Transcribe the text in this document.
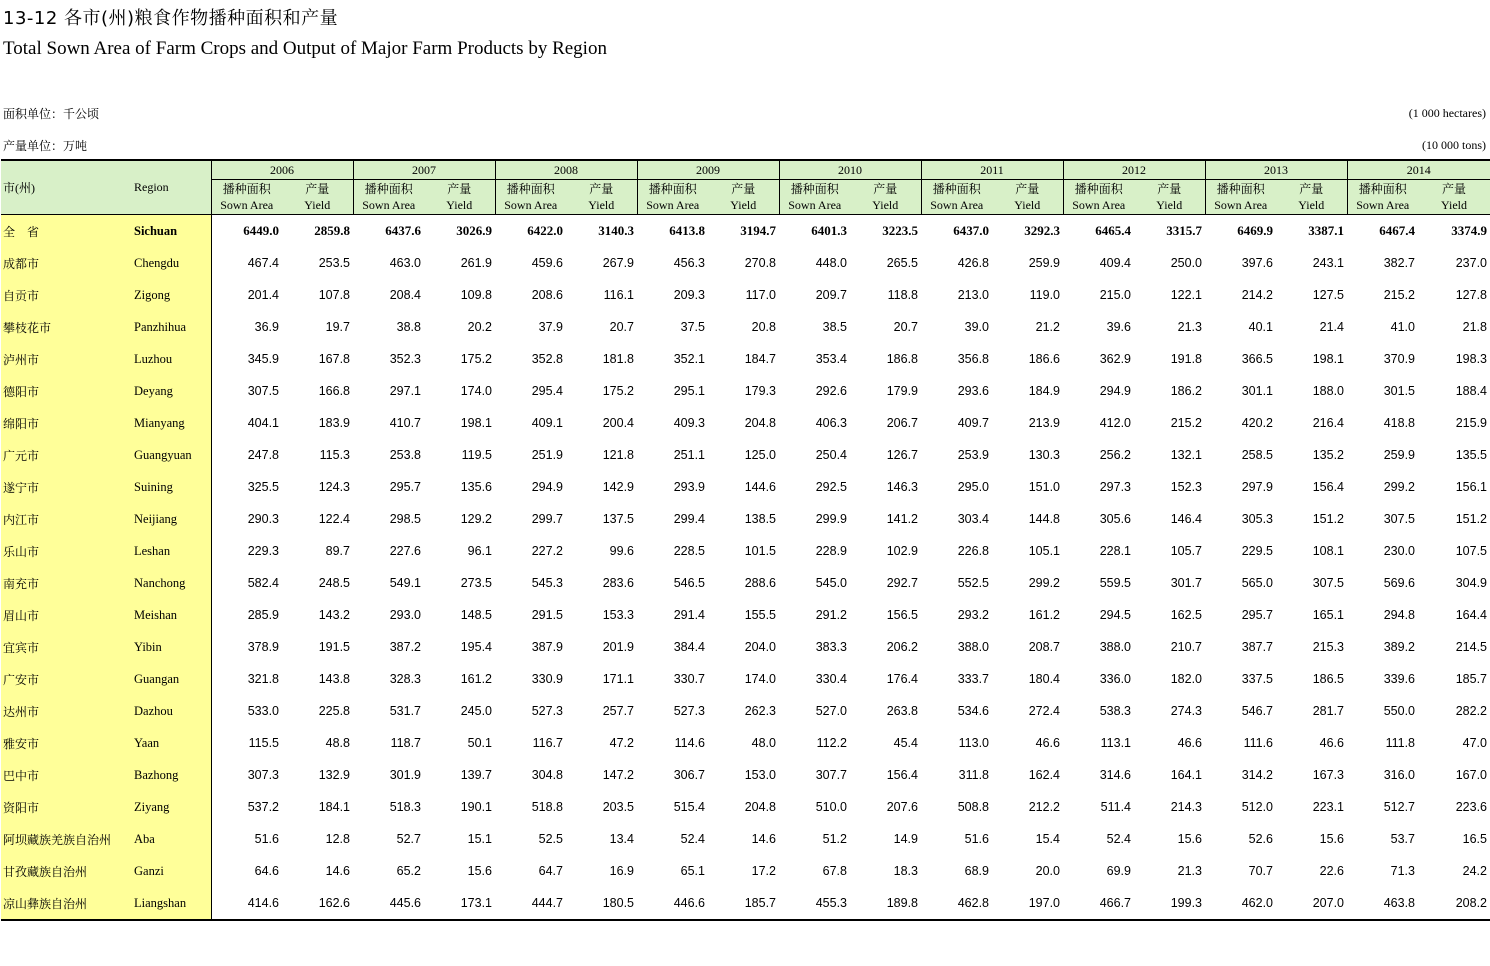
13-12 各市(州)粮食作物播种面积和产量
Total Sown Area of Farm Crops and Output of Major Farm Products by Region
面积单位：千公顷	(1 000 hectares)
产量单位：万吨	(10 000 tons)
市(州)	Region	2006		2007		2008		2009		2010		2011		2012		2013		2014	
		播种面积	产量	播种面积	产量	播种面积	产量	播种面积	产量	播种面积	产量	播种面积	产量	播种面积	产量	播种面积	产量	播种面积	产量
		Sown Area	Yield	Sown Area	Yield	Sown Area	Yield	Sown Area	Yield	Sown Area	Yield	Sown Area	Yield	Sown Area	Yield	Sown Area	Yield	Sown Area	Yield
全　省	Sichuan	6449.0	2859.8	6437.6	3026.9	6422.0	3140.3	6413.8	3194.7	6401.3	3223.5	6437.0	3292.3	6465.4	3315.7	6469.9	3387.1	6467.4	3374.9
成都市	Chengdu	467.4	253.5	463.0	261.9	459.6	267.9	456.3	270.8	448.0	265.5	426.8	259.9	409.4	250.0	397.6	243.1	382.7	237.0
自贡市	Zigong	201.4	107.8	208.4	109.8	208.6	116.1	209.3	117.0	209.7	118.8	213.0	119.0	215.0	122.1	214.2	127.5	215.2	127.8
攀枝花市	Panzhihua	36.9	19.7	38.8	20.2	37.9	20.7	37.5	20.8	38.5	20.7	39.0	21.2	39.6	21.3	40.1	21.4	41.0	21.8
泸州市	Luzhou	345.9	167.8	352.3	175.2	352.8	181.8	352.1	184.7	353.4	186.8	356.8	186.6	362.9	191.8	366.5	198.1	370.9	198.3
德阳市	Deyang	307.5	166.8	297.1	174.0	295.4	175.2	295.1	179.3	292.6	179.9	293.6	184.9	294.9	186.2	301.1	188.0	301.5	188.4
绵阳市	Mianyang	404.1	183.9	410.7	198.1	409.1	200.4	409.3	204.8	406.3	206.7	409.7	213.9	412.0	215.2	420.2	216.4	418.8	215.9
广元市	Guangyuan	247.8	115.3	253.8	119.5	251.9	121.8	251.1	125.0	250.4	126.7	253.9	130.3	256.2	132.1	258.5	135.2	259.9	135.5
遂宁市	Suining	325.5	124.3	295.7	135.6	294.9	142.9	293.9	144.6	292.5	146.3	295.0	151.0	297.3	152.3	297.9	156.4	299.2	156.1
内江市	Neijiang	290.3	122.4	298.5	129.2	299.7	137.5	299.4	138.5	299.9	141.2	303.4	144.8	305.6	146.4	305.3	151.2	307.5	151.2
乐山市	Leshan	229.3	89.7	227.6	96.1	227.2	99.6	228.5	101.5	228.9	102.9	226.8	105.1	228.1	105.7	229.5	108.1	230.0	107.5
南充市	Nanchong	582.4	248.5	549.1	273.5	545.3	283.6	546.5	288.6	545.0	292.7	552.5	299.2	559.5	301.7	565.0	307.5	569.6	304.9
眉山市	Meishan	285.9	143.2	293.0	148.5	291.5	153.3	291.4	155.5	291.2	156.5	293.2	161.2	294.5	162.5	295.7	165.1	294.8	164.4
宜宾市	Yibin	378.9	191.5	387.2	195.4	387.9	201.9	384.4	204.0	383.3	206.2	388.0	208.7	388.0	210.7	387.7	215.3	389.2	214.5
广安市	Guangan	321.8	143.8	328.3	161.2	330.9	171.1	330.7	174.0	330.4	176.4	333.7	180.4	336.0	182.0	337.5	186.5	339.6	185.7
达州市	Dazhou	533.0	225.8	531.7	245.0	527.3	257.7	527.3	262.3	527.0	263.8	534.6	272.4	538.3	274.3	546.7	281.7	550.0	282.2
雅安市	Yaan	115.5	48.8	118.7	50.1	116.7	47.2	114.6	48.0	112.2	45.4	113.0	46.6	113.1	46.6	111.6	46.6	111.8	47.0
巴中市	Bazhong	307.3	132.9	301.9	139.7	304.8	147.2	306.7	153.0	307.7	156.4	311.8	162.4	314.6	164.1	314.2	167.3	316.0	167.0
资阳市	Ziyang	537.2	184.1	518.3	190.1	518.8	203.5	515.4	204.8	510.0	207.6	508.8	212.2	511.4	214.3	512.0	223.1	512.7	223.6
阿坝藏族羌族自治州	Aba	51.6	12.8	52.7	15.1	52.5	13.4	52.4	14.6	51.2	14.9	51.6	15.4	52.4	15.6	52.6	15.6	53.7	16.5
甘孜藏族自治州	Ganzi	64.6	14.6	65.2	15.6	64.7	16.9	65.1	17.2	67.8	18.3	68.9	20.0	69.9	21.3	70.7	22.6	71.3	24.2
凉山彝族自治州	Liangshan	414.6	162.6	445.6	173.1	444.7	180.5	446.6	185.7	455.3	189.8	462.8	197.0	466.7	199.3	462.0	207.0	463.8	208.2
